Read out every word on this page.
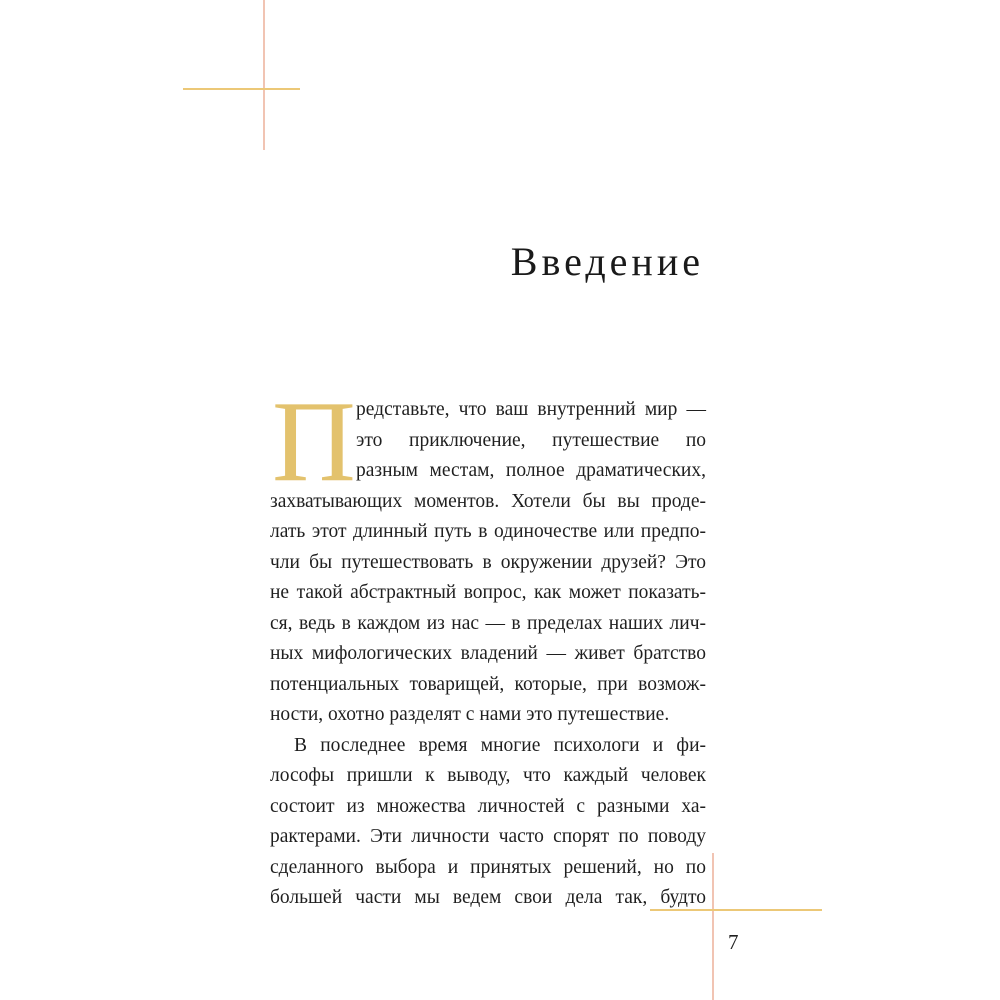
Введение
П редставьте, что ваш внутренний мир —
это приключение, путешествие по
разным местам, полное драматических,
захватывающих моментов. Хотели бы вы проде-
лать этот длинный путь в одиночестве или предпо-
чли бы путешествовать в окружении друзей? Это
не такой абстрактный вопрос, как может показать-
ся, ведь в каждом из нас — в пределах наших лич-
ных мифологических владений — живет братство
потенциальных товарищей, которые, при возмож-
ности, охотно разделят с нами это путешествие.
В последнее время многие психологи и фи-
лософы пришли к выводу, что каждый человек
состоит из множества личностей с разными ха-
рактерами. Эти личности часто спорят по поводу
сделанного выбора и принятых решений, но по
большей части мы ведем свои дела так, будто
7
